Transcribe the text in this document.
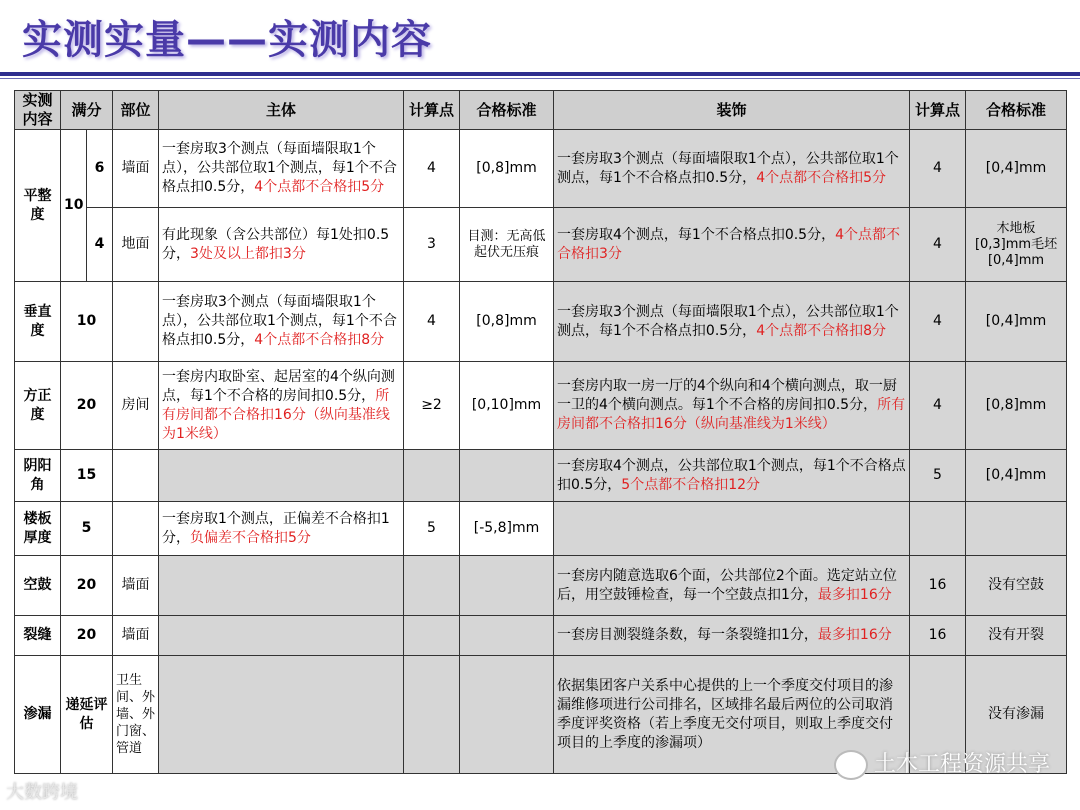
实测实量——实测内容
实测内容	满分		部位	主体	计算点	合格标准	装饰	计算点	合格标准
平整度	10	6	墙面	一套房取3个测点（每面墙限取1个点），公共部位取1个测点，每1个不合格点扣0.5分，4个点都不合格扣5分	4	[0,8]mm	一套房取3个测点（每面墙限取1个点），公共部位取1个测点，每1个不合格点扣0.5分，4个点都不合格扣5分	4	[0,4]mm
		4	地面	有此现象（含公共部位）每1处扣0.5分，3处及以上都扣3分	3	目测：无高低起伏无压痕	一套房取4个测点，每1个不合格点扣0.5分，4个点都不合格扣3分	4	木地板[0,3]mm毛坯[0,4]mm
垂直度	10			一套房取3个测点（每面墙限取1个点），公共部位取1个测点，每1个不合格点扣0.5分，4个点都不合格扣8分	4	[0,8]mm	一套房取3个测点（每面墙限取1个点），公共部位取1个测点，每1个不合格点扣0.5分，4个点都不合格扣8分	4	[0,4]mm
方正度	20		房间	一套房内取卧室、起居室的4个纵向测点，每1个不合格的房间扣0.5分，所有房间都不合格扣16分（纵向基准线为1米线）	≥2	[0,10]mm	一套房内取一房一厅的4个纵向和4个横向测点，取一厨一卫的4个横向测点。每1个不合格的房间扣0.5分，所有房间都不合格扣16分（纵向基准线为1米线）	4	[0,8]mm
阴阳角	15						一套房取4个测点，公共部位取1个测点，每1个不合格点扣0.5分，5个点都不合格扣12分	5	[0,4]mm
楼板厚度	5			一套房取1个测点，正偏差不合格扣1分，负偏差不合格扣5分	5	[-5,8]mm			
空鼓	20		墙面				一套房内随意选取6个面，公共部位2个面。选定站立位后，用空鼓锤检查，每一个空鼓点扣1分，最多扣16分	16	没有空鼓
裂缝	20		墙面				一套房目测裂缝条数，每一条裂缝扣1分，最多扣16分	16	没有开裂
渗漏	递延评估		卫生间、外墙、外门窗、管道				依据集团客户关系中心提供的上一个季度交付项目的渗漏维修项进行公司排名，区域排名最后两位的公司取消季度评奖资格（若上季度无交付项目，则取上季度交付项目的上季度的渗漏项）		没有渗漏
土木工程资源共享
大数跨境
